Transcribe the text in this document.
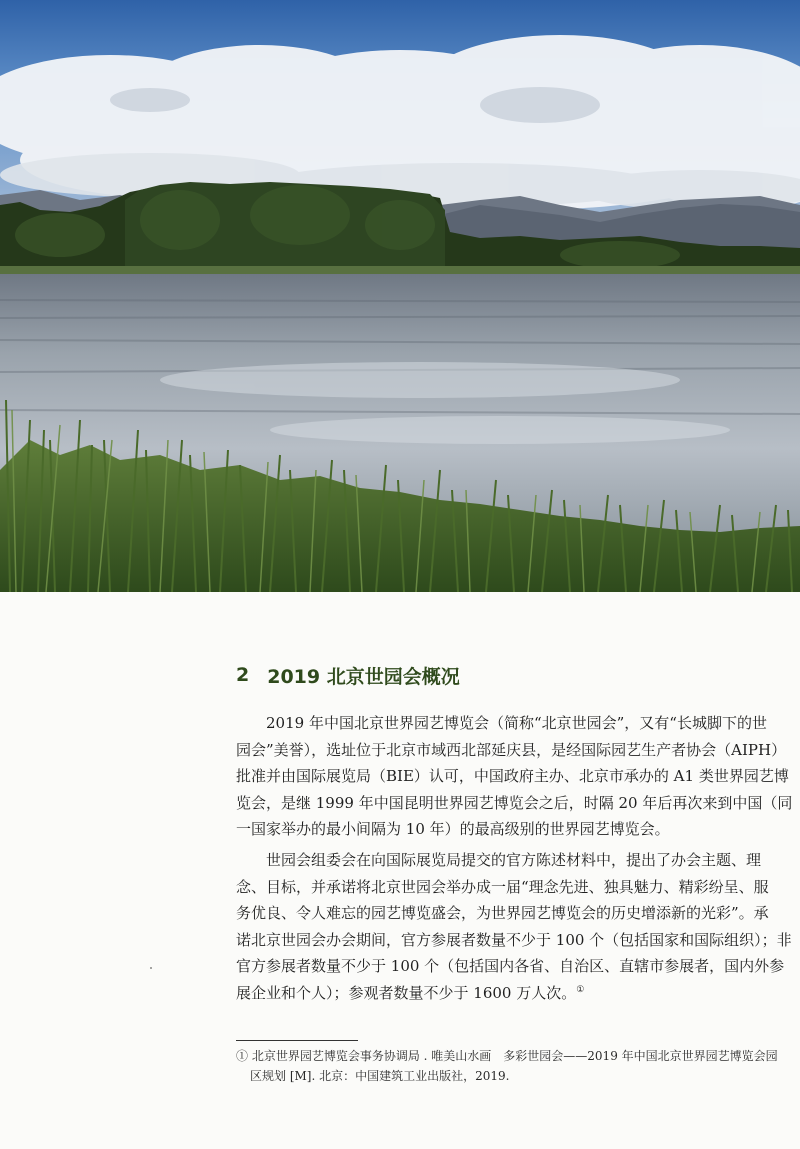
2 2019 北京世园会概况
2019 年中国北京世界园艺博览会（简称“北京世园会”，又有“长城脚下的世
园会”美誉），选址位于北京市域西北部延庆县，是经国际园艺生产者协会（AIPH）
批准并由国际展览局（BIE）认可，中国政府主办、北京市承办的 A1 类世界园艺博
览会，是继 1999 年中国昆明世界园艺博览会之后，时隔 20 年后再次来到中国（同
一国家举办的最小间隔为 10 年）的最高级别的世界园艺博览会。
世园会组委会在向国际展览局提交的官方陈述材料中，提出了办会主题、理
念、目标，并承诺将北京世园会举办成一届“理念先进、独具魅力、精彩纷呈、服
务优良、令人难忘的园艺博览盛会，为世界园艺博览会的历史增添新的光彩”。承
诺北京世园会办会期间，官方参展者数量不少于 100 个（包括国家和国际组织）；非
官方参展者数量不少于 100 个（包括国内各省、自治区、直辖市参展者，国内外参
展企业和个人）；参观者数量不少于 1600 万人次。①
① 北京世界园艺博览会事务协调局 . 唯美山水画　多彩世园会——2019 年中国北京世界园艺博览会园
区规划 [M]. 北京：中国建筑工业出版社，2019.
